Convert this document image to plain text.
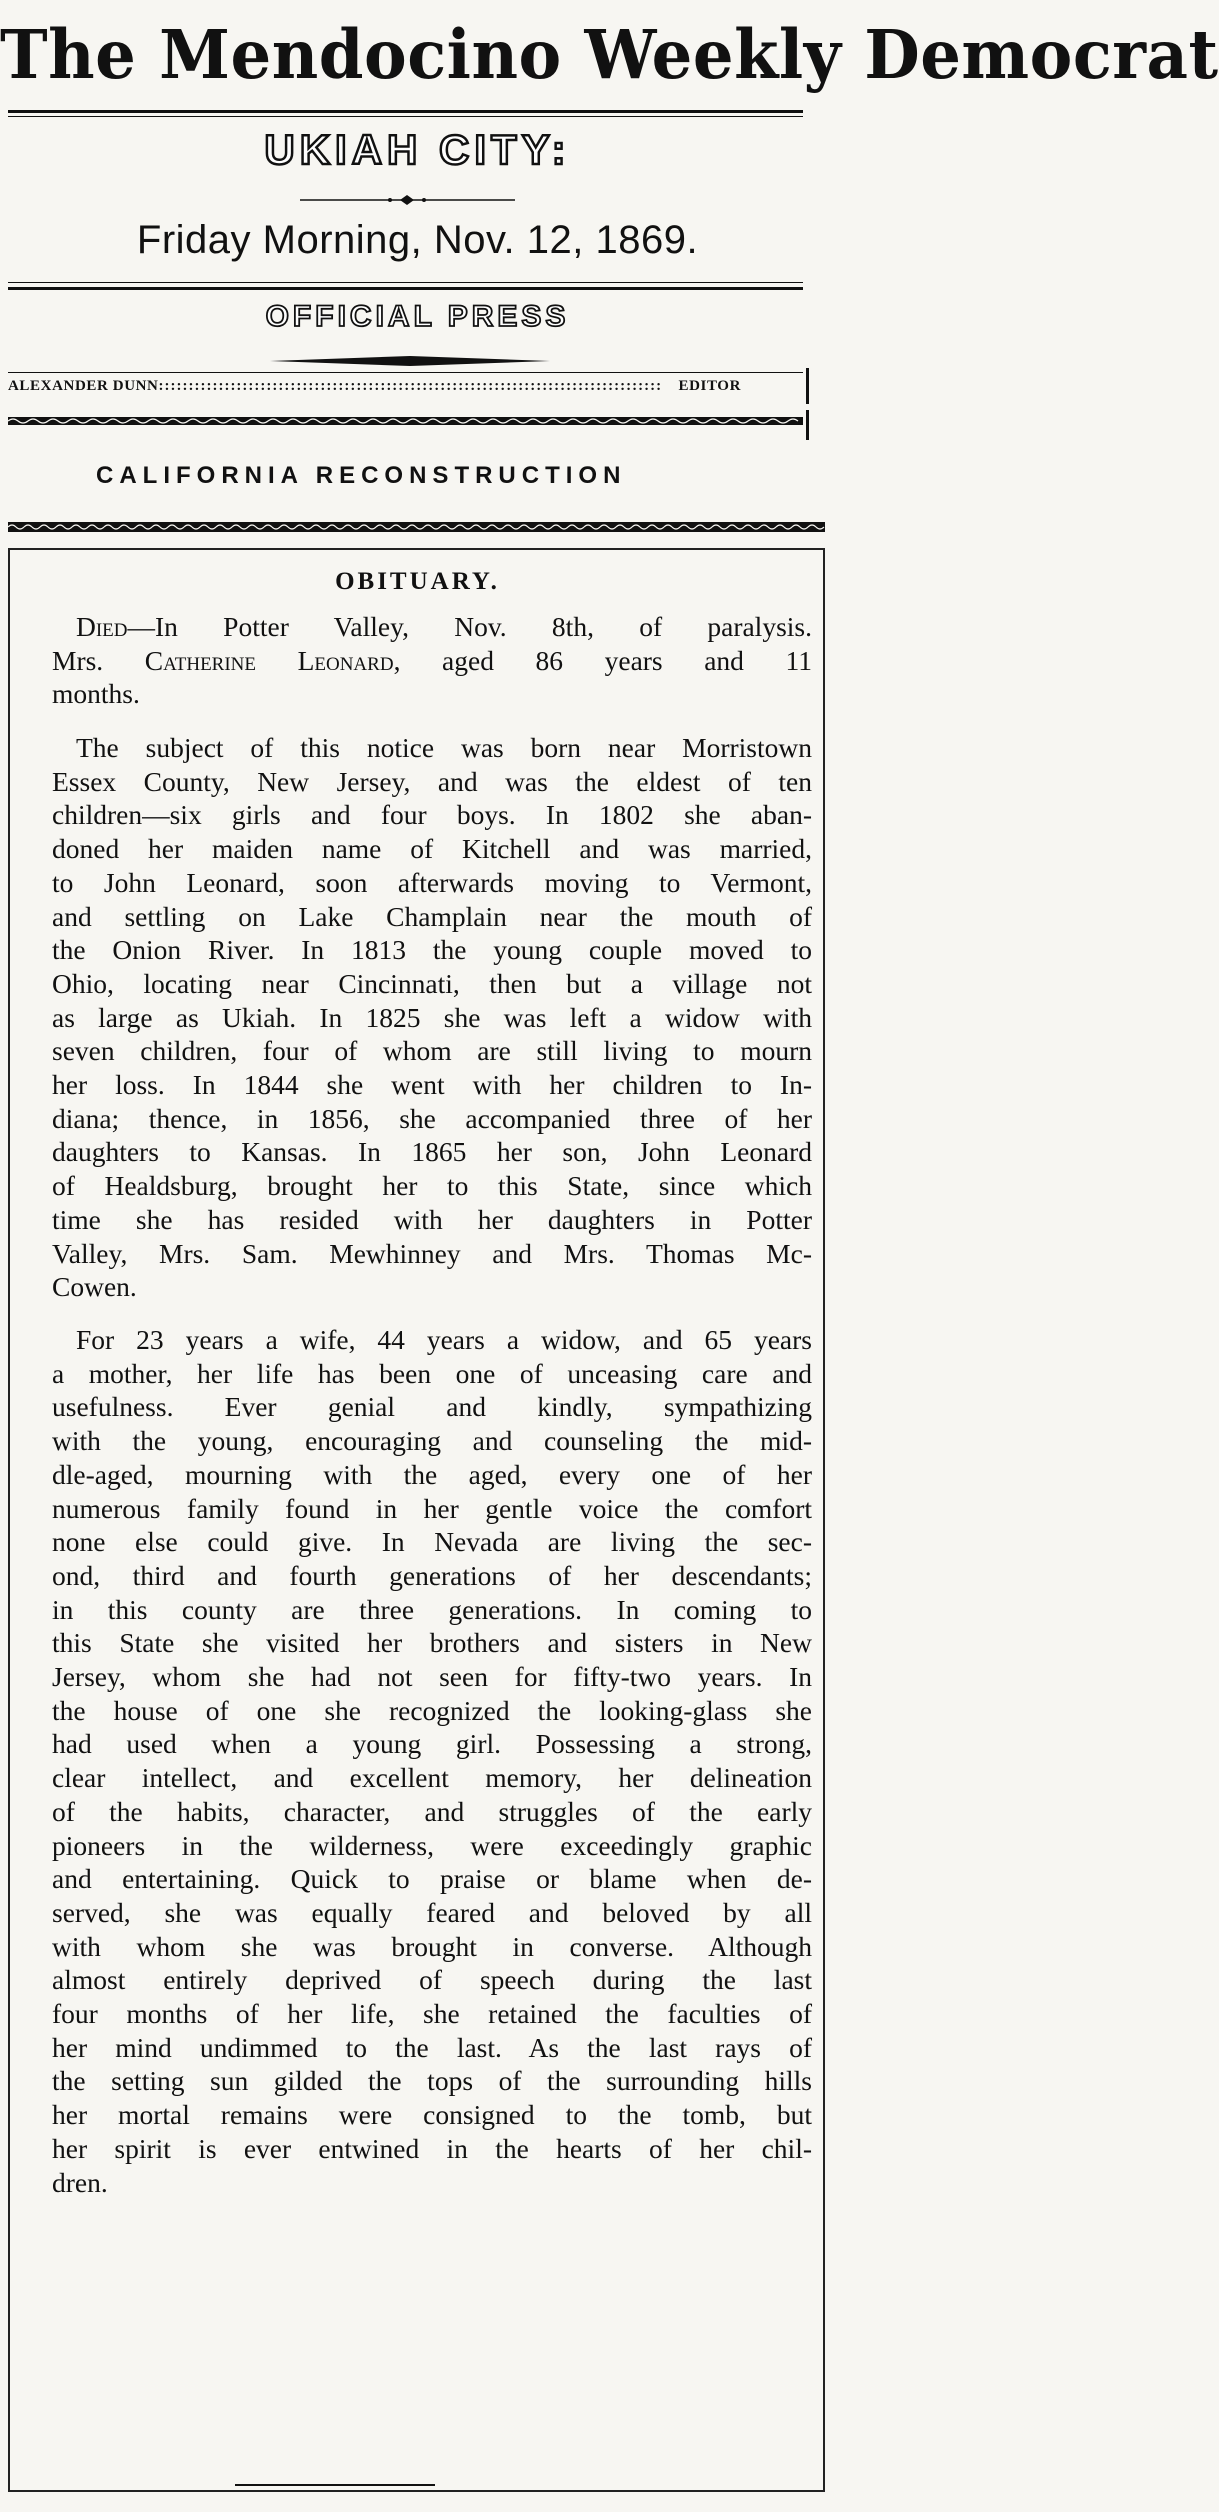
The Mendocino Weekly Democrat
UKIAH CITY:
Friday Morning, Nov. 12, 1869.
OFFICIAL PRESS
ALEXANDER DUNN:::::::::::::::::::::::::::::::::::::::::::::::::::::::::::::::::::::::::::::::::::: EDITOR
CALIFORNIA RECONSTRUCTION
OBITUARY.
Died—In Potter Valley, Nov. 8th, of paralysis.
Mrs. Catherine Leonard, aged 86 years and 11
months.
The subject of this notice was born near Morristown
Essex County, New Jersey, and was the eldest of ten
children—six girls and four boys. In 1802 she aban-
doned her maiden name of Kitchell and was married,
to John Leonard, soon afterwards moving to Vermont,
and settling on Lake Champlain near the mouth of
the Onion River. In 1813 the young couple moved to
Ohio, locating near Cincinnati, then but a village not
as large as Ukiah. In 1825 she was left a widow with
seven children, four of whom are still living to mourn
her loss. In 1844 she went with her children to In-
diana; thence, in 1856, she accompanied three of her
daughters to Kansas. In 1865 her son, John Leonard
of Healdsburg, brought her to this State, since which
time she has resided with her daughters in Potter
Valley, Mrs. Sam. Mewhinney and Mrs. Thomas Mc-
Cowen.
For 23 years a wife, 44 years a widow, and 65 years
a mother, her life has been one of unceasing care and
usefulness. Ever genial and kindly, sympathizing
with the young, encouraging and counseling the mid-
dle-aged, mourning with the aged, every one of her
numerous family found in her gentle voice the comfort
none else could give. In Nevada are living the sec-
ond, third and fourth generations of her descendants;
in this county are three generations. In coming to
this State she visited her brothers and sisters in New
Jersey, whom she had not seen for fifty-two years. In
the house of one she recognized the looking-glass she
had used when a young girl. Possessing a strong,
clear intellect, and excellent memory, her delineation
of the habits, character, and struggles of the early
pioneers in the wilderness, were exceedingly graphic
and entertaining. Quick to praise or blame when de-
served, she was equally feared and beloved by all
with whom she was brought in converse. Although
almost entirely deprived of speech during the last
four months of her life, she retained the faculties of
her mind undimmed to the last. As the last rays of
the setting sun gilded the tops of the surrounding hills
her mortal remains were consigned to the tomb, but
her spirit is ever entwined in the hearts of her chil-
dren.
